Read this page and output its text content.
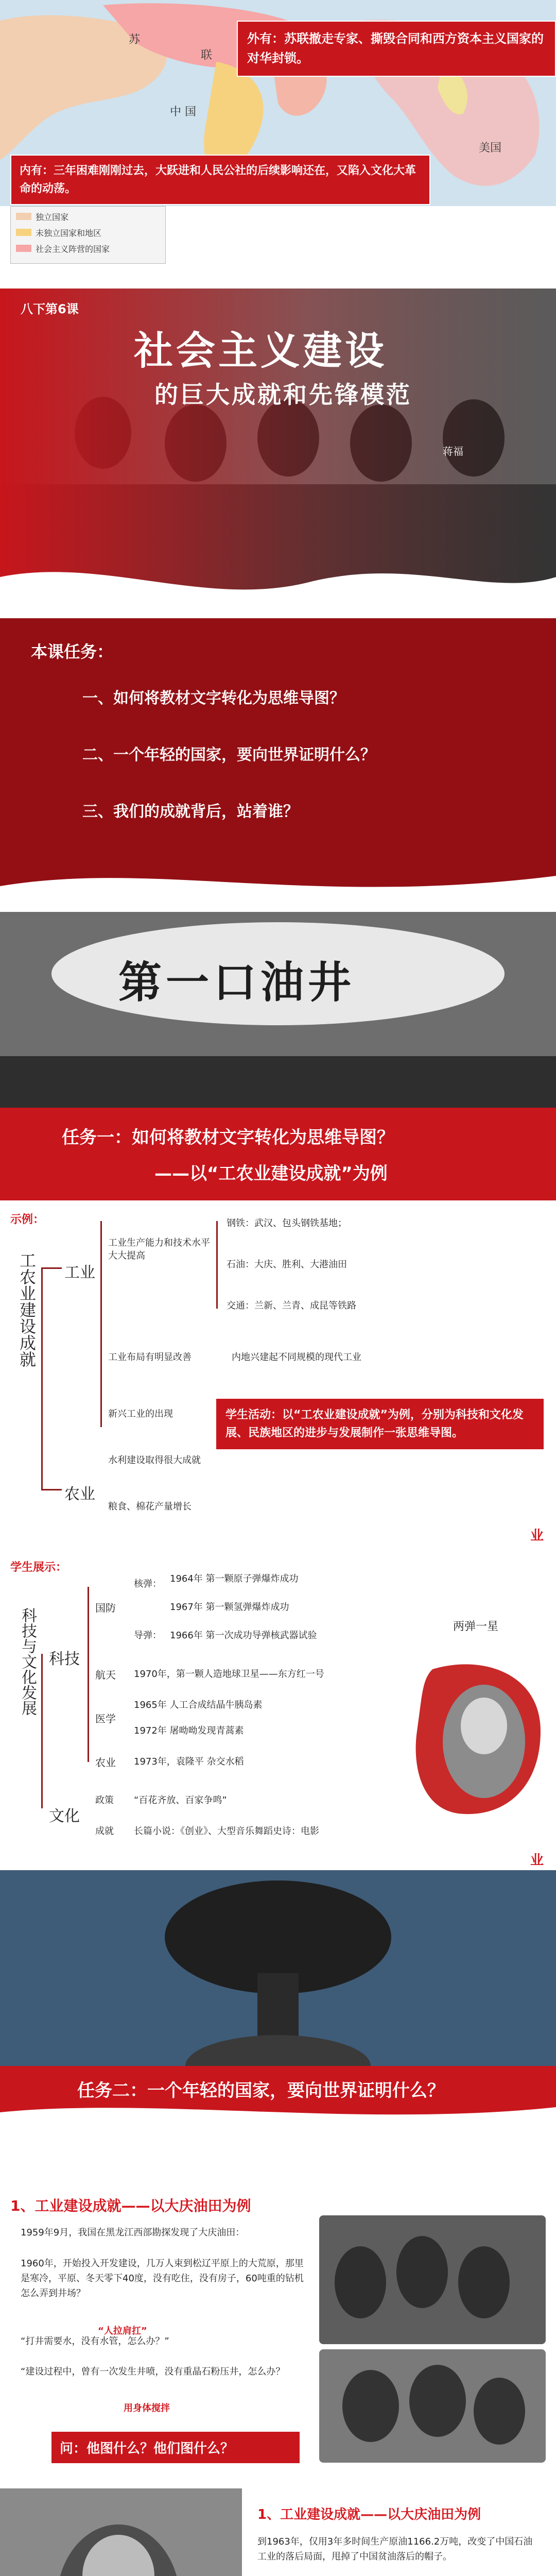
苏
联
中 国
美国
外有：苏联撤走专家、撕毁合同和西方资本主义国家的对华封锁。
内有：三年困难刚刚过去，大跃进和人民公社的后续影响还在，又陷入文化大革命的动荡。
独立国家
未独立国家和地区
社会主义阵营的国家
八下第6课
社会主义建设
的巨大成就和先锋模范
蒋福
本课任务：
一、如何将教材文字转化为思维导图？
二、一个年轻的国家，要向世界证明什么？
三、我们的成就背后，站着谁？
第一口油井
任务一：如何将教材文字转化为思维导图？
——以“工农业建设成就”为例
示例：
工农业建设成就 工业
农业
工业生产能力和技术水平大大提高
钢铁：武汉、包头钢铁基地；
石油：大庆、胜利、大港油田
交通：兰新、兰青、成昆等铁路
工业布局有明显改善	内地兴建起不同规模的现代工业
新兴工业的出现
水利建设取得很大成就
粮食、棉花产量增长
学生活动：以“工农业建设成就”为例，分别为科技和文化发展、民族地区的进步与发展制作一张思维导图。
业
学生展示：
科技与文化发展 科技
文化
国防
航天
医学
农业
核弹：
导弹：
1964年 第一颗原子弹爆炸成功
1967年 第一颗氢弹爆炸成功
1966年 第一次成功导弹核武器试验
两弹一星
1970年，第一颗人造地球卫星——东方红一号
1965年 人工合成结晶牛胰岛素
1972年 屠呦呦发现青蒿素
1973年，袁隆平 杂交水稻
政策 “百花齐放、百家争鸣”
成就 长篇小说：《创业》、大型音乐舞蹈史诗：电影
业
任务二：一个年轻的国家，要向世界证明什么？
1、工业建设成就——以大庆油田为例
1959年9月，我国在黑龙江西部勘探发现了大庆油田：
1960年，开始投入开发建设，几万人束到松辽平原上的大荒原，那里是寒冷，平原、冬天零下40度，没有吃住，没有房子，60吨重的钻机怎么弄到井场？
“打井需要水，没有水管，怎么办？”
“人拉肩扛”
“建设过程中，曾有一次发生井喷，没有重晶石粉压井，怎么办？
用身体搅拌
问：他图什么？他们图什么？
1、工业建设成就——以大庆油田为例
到1963年，仅用3年多时间生产原油1166.2万吨，改变了中国石油工业的落后局面，甩掉了中国贫油落后的帽子。
